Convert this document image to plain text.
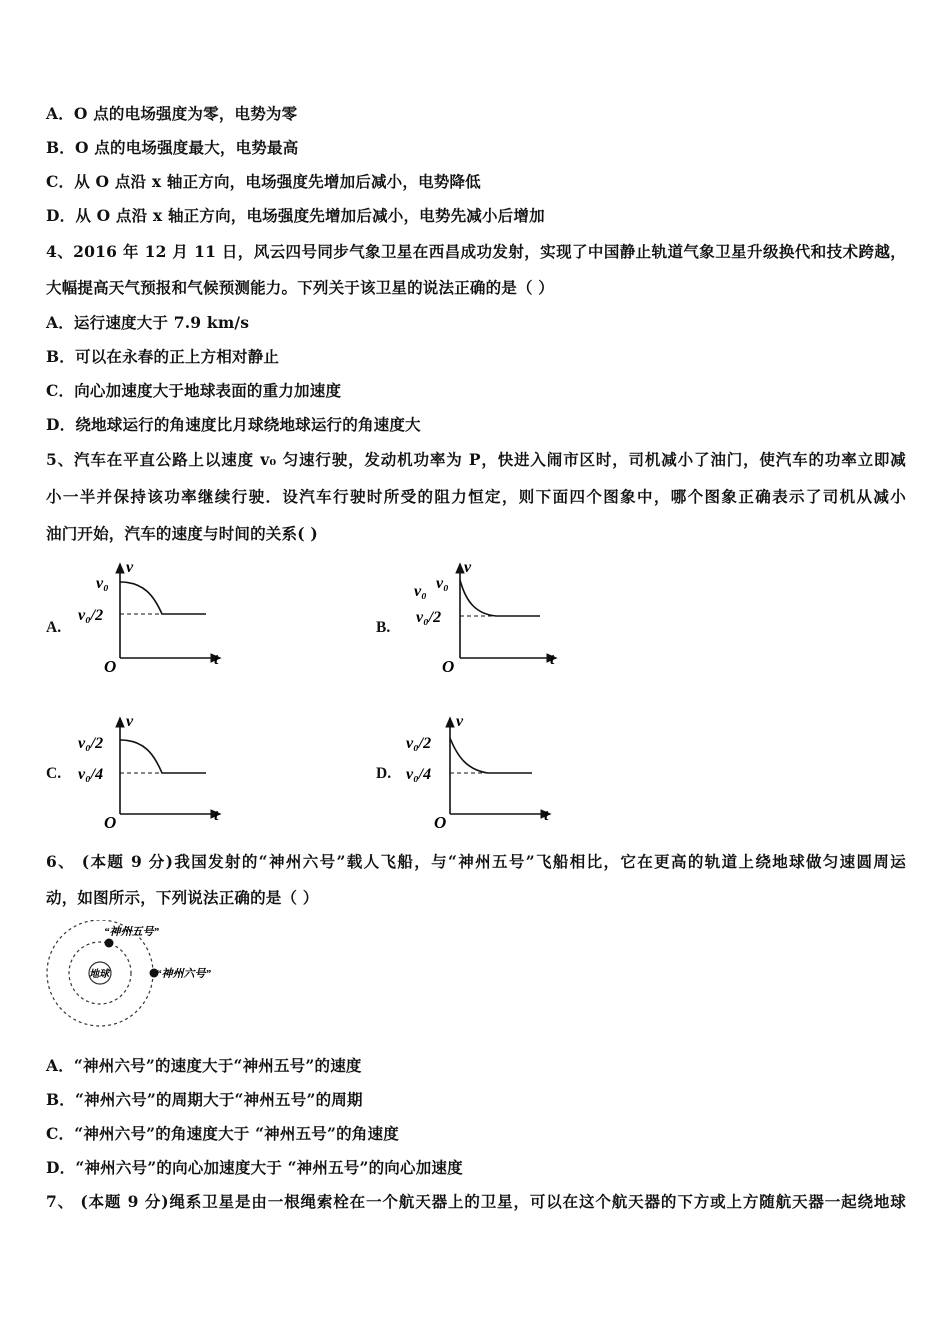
A．O 点的电场强度为零，电势为零
B．O 点的电场强度最大，电势最高
C．从 O 点沿 x 轴正方向，电场强度先增加后减小，电势降低
D．从 O 点沿 x 轴正方向，电场强度先增加后减小，电势先减小后增加
4、2016 年 12 月 11 日，风云四号同步气象卫星在西昌成功发射，实现了中国静止轨道气象卫星升级换代和技术跨越，
大幅提高天气预报和气候预测能力。下列关于该卫星的说法正确的是（ ）
A．运行速度大于 7.9 km/s
B．可以在永春的正上方相对静止
C．向心加速度大于地球表面的重力加速度
D．绕地球运行的角速度比月球绕地球运行的角速度大
5、汽车在平直公路上以速度 v₀ 匀速行驶，发动机功率为 P，快进入闹市区时，司机减小了油门，使汽车的功率立即减
小一半并保持该功率继续行驶．设汽车行驶时所受的阻力恒定，则下面四个图象中，哪个图象正确表示了司机从减小
油门开始，汽车的速度与时间的关系( )
A.	B.
C.	D.
v
t
O
v₀
v₀/2
v
t
O
v₀ v₀
v₀/2
v
t
O
v₀/2
v₀/4
v
t
O
v₀/2
v₀/4
6、 (本题 9 分)我国发射的“神州六号”载人飞船，与“神州五号”飞船相比，它在更高的轨道上绕地球做匀速圆周运
动，如图所示，下列说法正确的是（ ）
地球
“神州五号”
“神州六号”
A．“神州六号”的速度大于“神州五号”的速度
B．“神州六号”的周期大于“神州五号”的周期
C．“神州六号”的角速度大于 “神州五号”的角速度
D．“神州六号”的向心加速度大于 “神州五号”的向心加速度
7、 (本题 9 分)绳系卫星是由一根绳索栓在一个航天器上的卫星，可以在这个航天器的下方或上方随航天器一起绕地球
